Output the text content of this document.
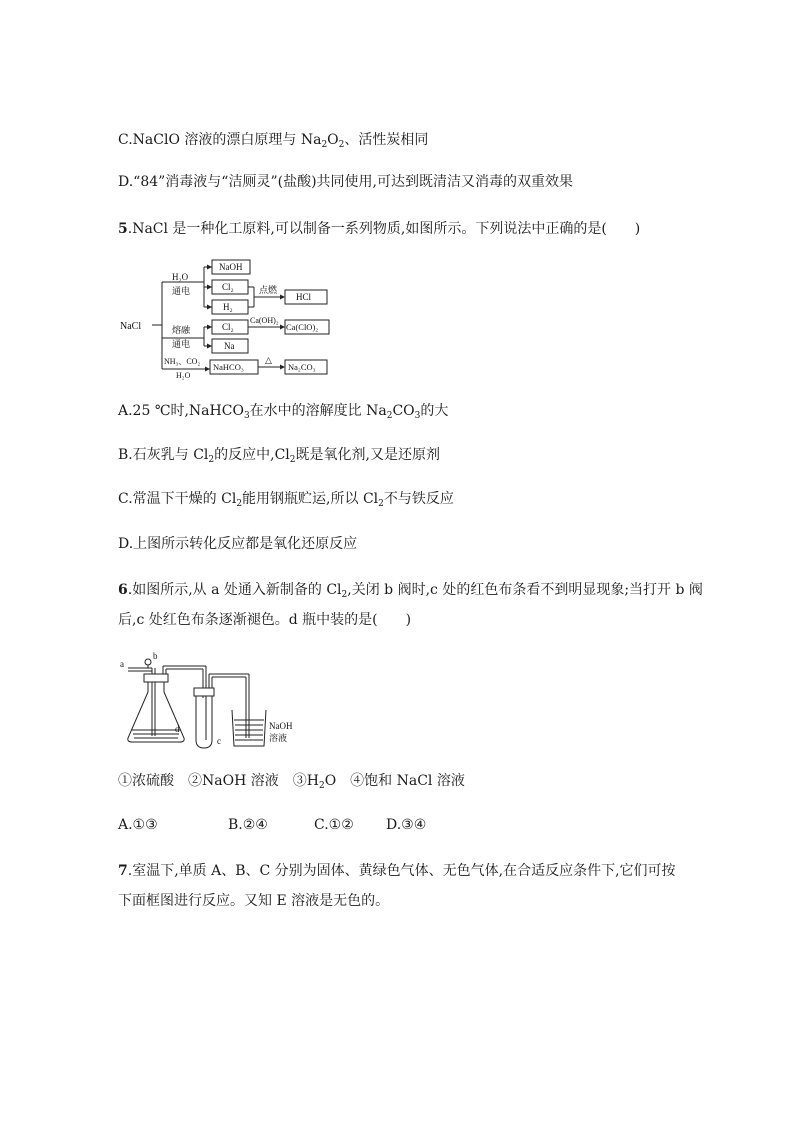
C.NaClO 溶液的漂白原理与 $Na_2O_2$、活性炭相同
D.“84”消毒液与“洁厕灵”(盐酸)共同使用,可达到既清洁又消毒的双重效果
5.NaCl 是一种化工原料,可以制备一系列物质,如图所示。下列说法中正确的是(　　)
NaCl
H₂O
通电
NaOH
Cl₂
H₂
点燃
HCl
熔融
通电
Cl₂
Ca(OH)₂
Ca(ClO)₂
Na
NH₃、CO₂
H₂O
NaHCO₃
△
Na₂CO₃
A.25 ℃时,NaHCO$_3$在水中的溶解度比 $Na_2CO_3$的大
B.石灰乳与 $Cl_2$的反应中$,Cl_2$既是氧化剂,又是还原剂
C.常温下干燥的 $Cl_2$能用钢瓶贮运,所以 $Cl_2$不与铁反应
D.上图所示转化反应都是氧化还原反应
6.如图所示,从 a 处通入新制备的 $Cl_2$,关闭 b 阀时,c 处的红色布条看不到明显现象;当打开 b 阀
后,c 处红色布条逐渐褪色。d 瓶中装的是(　　)
a
b
c
d	NaOH
溶液
①浓硫酸　②NaOH 溶液　$③H_2O$　④饱和 NaCl 溶液
A.①③	B.②④	C.①② D.③④
7.室温下,单质 A、B、C 分别为固体、黄绿色气体、无色气体,在合适反应条件下,它们可按
下面框图进行反应。又知 E 溶液是无色的。
